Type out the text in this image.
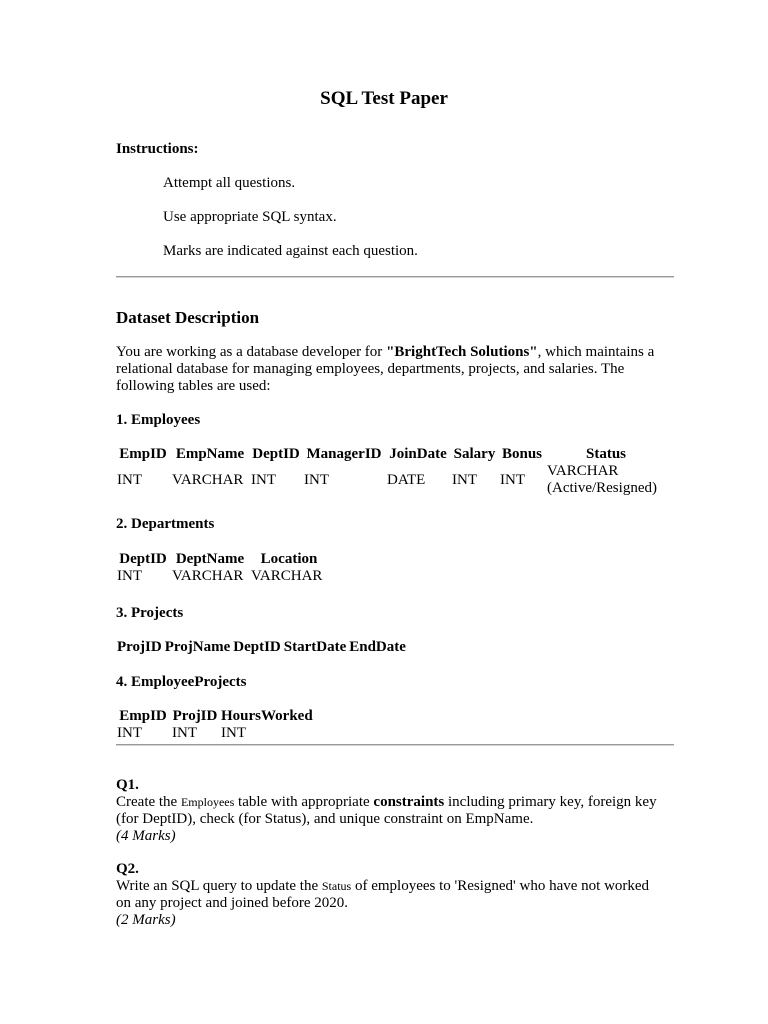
SQL Test Paper
Instructions:
Attempt all questions.
Use appropriate SQL syntax.
Marks are indicated against each question.
Dataset Description
You are working as a database developer for "BrightTech Solutions", which maintains a relational database for managing employees, departments, projects, and salaries. The following tables are used:
1. Employees
EmpID	EmpName	DeptID	ManagerID	JoinDate	Salary	Bonus	Status
INT	VARCHAR	INT	INT	DATE	INT	INT	VARCHAR (Active/Resigned)
2. Departments
DeptID	DeptName	Location
INT	VARCHAR	VARCHAR
3. Projects
ProjID	ProjName	DeptID	StartDate	EndDate
4. EmployeeProjects
EmpID	ProjID	HoursWorked
INT	INT	INT
Q1.
Create the Employees table with appropriate constraints including primary key, foreign key (for DeptID), check (for Status), and unique constraint on EmpName.
(4 Marks)
Q2.
Write an SQL query to update the Status of employees to 'Resigned' who have not worked on any project and joined before 2020.
(2 Marks)
